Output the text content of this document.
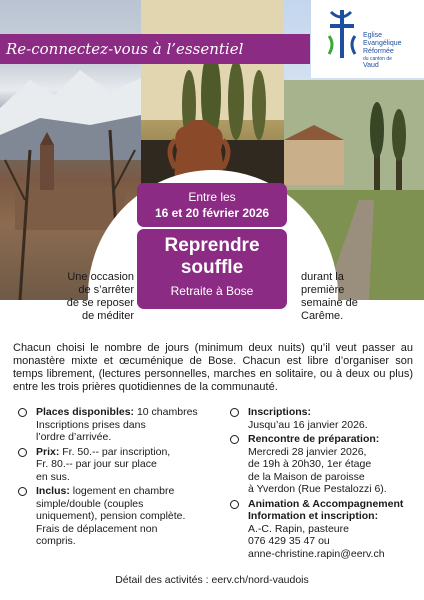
Re-connectez-vous à l’essentiel
Eglise
Evangélique
Réformée
du canton de
Vaud
Entre les
16 et 20 février 2026
Reprendre
souffle
Retraite à Bose
Une occasion
de s’arrêter
de se reposer
de méditer
durant la
première
semaine de
Carême.

Chacun choisi le nombre de jours (minimum deux nuits) qu’il veut passer au monastère mixte et œcuménique de Bose. Chacun est libre d’organiser son temps librement, (lectures personnelles, marches en solitaire, ou à deux ou plus) entre les trois prières quotidiennes de la communauté.

Places disponibles: 10 chambres
Inscriptions prises dans
l’ordre d’arrivée.
Prix: Fr. 50.-- par inscription,
Fr. 80.-- par jour sur place
en sus.
Inclus: logement en chambre
simple/double (couples
uniquement), pension complète.
Frais de déplacement non
compris.
Inscriptions:
Jusqu’au 16 janvier 2026.
Rencontre de préparation:
Mercredi 28 janvier 2026,
de 19h à 20h30, 1er étage
de la Maison de paroisse
à Yverdon (Rue Pestalozzi 6).
Animation & Accompagnement
Information et inscription:
A.-C. Rapin, pasteure
076 429 35 47 ou
anne-christine.rapin@eerv.ch
Détail des activités : eerv.ch/nord-vaudois
